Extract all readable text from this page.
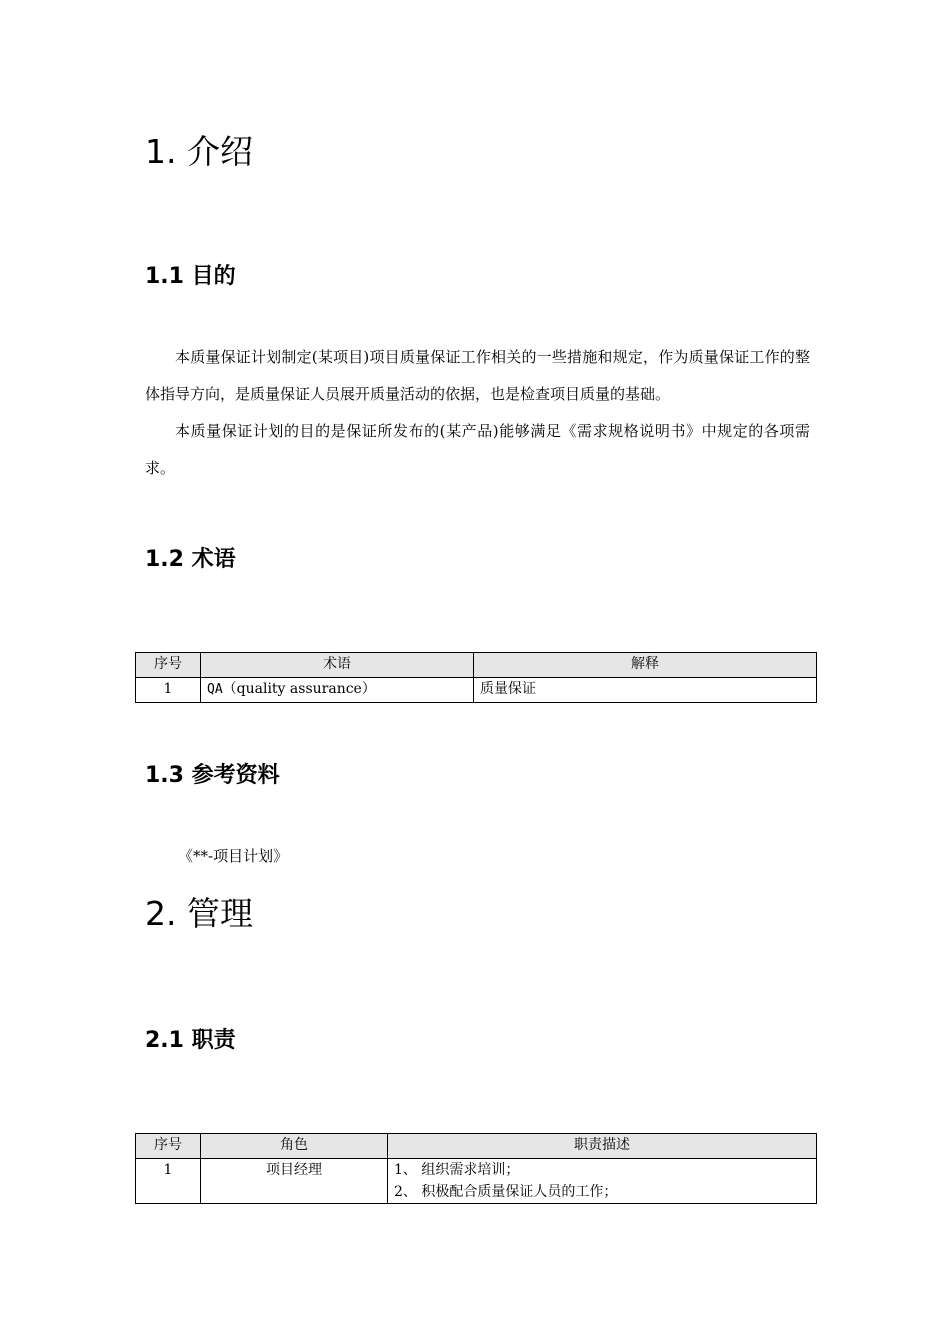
1. 介绍
1.1 目的

本质量保证计划制定(某项目)项目质量保证工作相关的一些措施和规定，作为质量保证工作的整体指导方向，是质量保证人员展开质量活动的依据，也是检查项目质量的基础。

本质量保证计划的目的是保证所发布的(某产品)能够满足《需求规格说明书》中规定的各项需求。

1.2 术语
序号	术语	解释
1	QA（quality assurance）	质量保证
1.3 参考资料
《**-项目计划》
2. 管理
2.1 职责
序号	角色	职责描述
1	项目经理	1、 组织需求培训；
2、 积极配合质量保证人员的工作；
